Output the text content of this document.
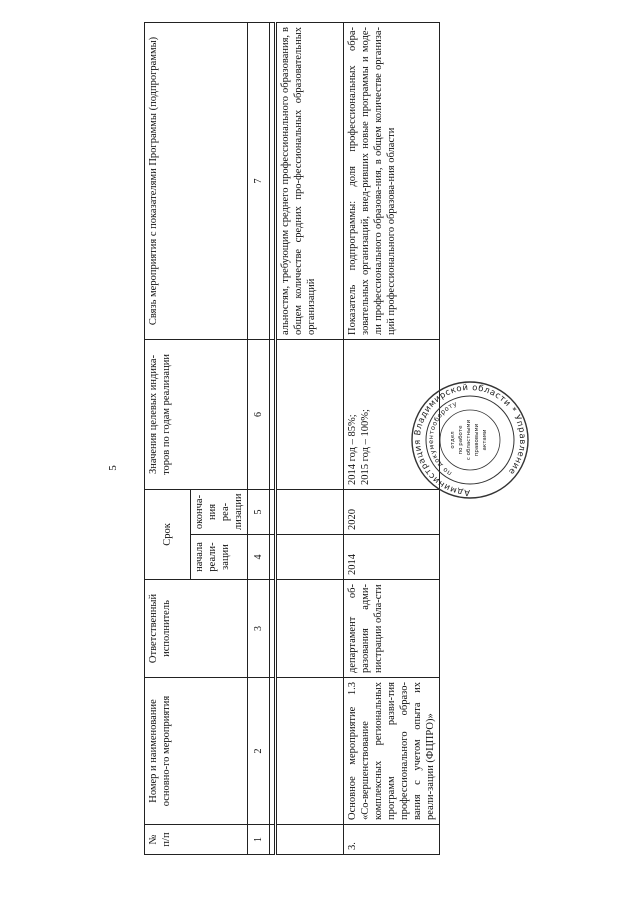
5
№ п/п	Номер и наименование основно-го мероприятия	Ответственный исполнитель	Срок		Значения целевых индика-торов по годам реализации	Связь мероприятия с показателями Программы (подпрограммы)
			начала реали-зации	оконча-ния реа-лизации		
1	2	3	4	5	6	7

						альностям, требующим среднего профессионального образования, в общем количестве средних про-фессиональных образовательных организаций
3.	Основное мероприятие 1.3 «Со-вершенствование комплексных региональных программ разви-тия профессионального образо-вания с учетом опыта их реали-зации (ФЦПРО)»	департамент об-разования адми-нистрации обла-сти	2014	2020	2014 год – 85%; 2015 год – 100%;	Показатель подпрограммы: доля профессиональных обра-зовательных организаций, внед-ривших новые программы и моде-ли профессионального образова-ния, в общем количестве организа-ций профессионального образова-ния области
Администрация Владимирской области * Управление
по документообороту
отдел по работе с областными правовыми актами
